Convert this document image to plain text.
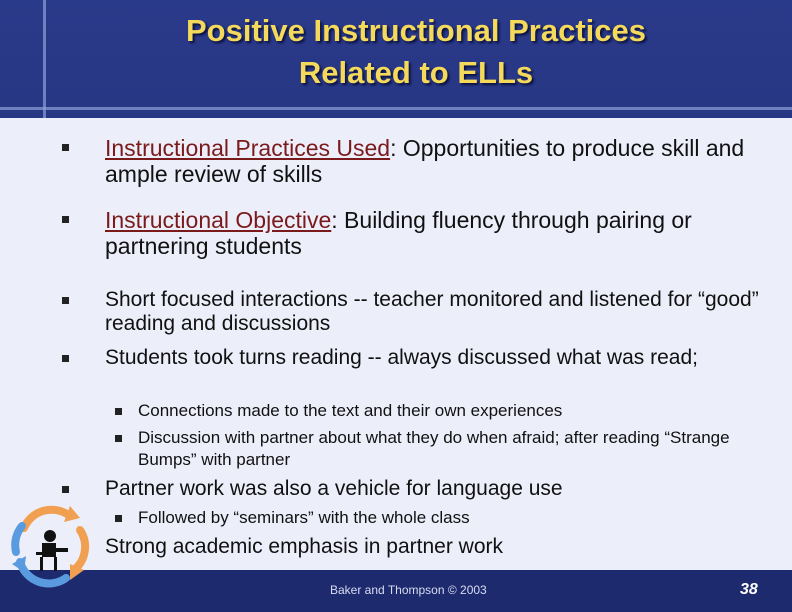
Positive Instructional Practices
Related to ELLs
Instructional Practices Used: Opportunities to produce skill and ample review of skills
Instructional Objective: Building fluency through pairing or partnering students
Short focused interactions -- teacher monitored and listened for “good” reading and discussions
Students took turns reading -- always discussed what was read;
Connections made to the text and their own experiences
Discussion with partner about what they do when afraid; after reading “Strange Bumps” with partner
Partner work was also a vehicle for language use
Followed by “seminars” with the whole class
Strong academic emphasis in partner work
Baker and Thompson © 2003	38
